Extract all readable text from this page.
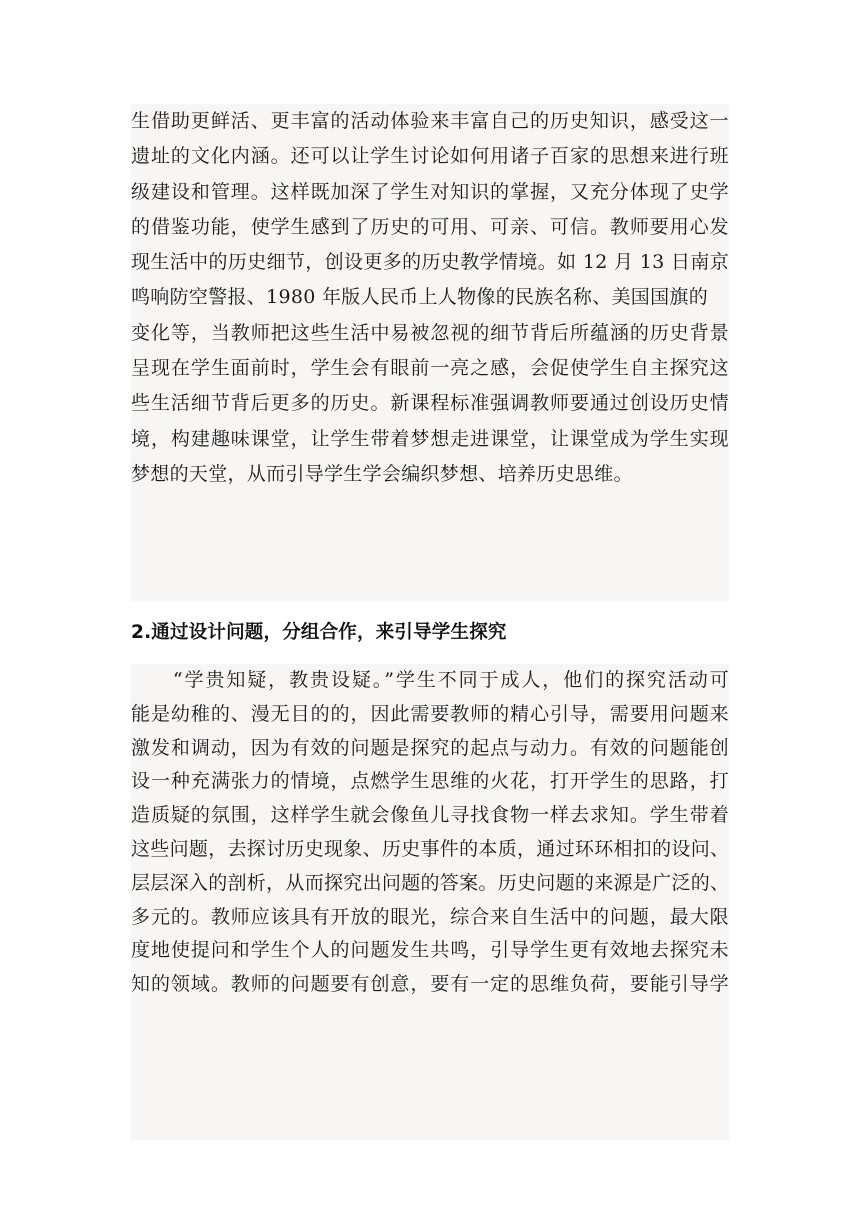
生借助更鲜活、更丰富的活动体验来丰富自己的历史知识，感受这一
遗址的文化内涵。还可以让学生讨论如何用诸子百家的思想来进行班
级建设和管理。这样既加深了学生对知识的掌握，又充分体现了史学
的借鉴功能，使学生感到了历史的可用、可亲、可信。教师要用心发
现生活中的历史细节，创设更多的历史教学情境。如 12 月 13 日南京
鸣响防空警报、1980 年版人民币上人物像的民族名称、美国国旗的
变化等，当教师把这些生活中易被忽视的细节背后所蕴涵的历史背景
呈现在学生面前时，学生会有眼前一亮之感，会促使学生自主探究这
些生活细节背后更多的历史。新课程标准强调教师要通过创设历史情
境，构建趣味课堂，让学生带着梦想走进课堂，让课堂成为学生实现
梦想的天堂，从而引导学生学会编织梦想、培养历史思维。
2.通过设计问题，分组合作，来引导学生探究
　　“学贵知疑，教贵设疑。”学生不同于成人，他们的探究活动可
能是幼稚的、漫无目的的，因此需要教师的精心引导，需要用问题来
激发和调动，因为有效的问题是探究的起点与动力。有效的问题能创
设一种充满张力的情境，点燃学生思维的火花，打开学生的思路，打
造质疑的氛围，这样学生就会像鱼儿寻找食物一样去求知。学生带着
这些问题，去探讨历史现象、历史事件的本质，通过环环相扣的设问、
层层深入的剖析，从而探究出问题的答案。历史问题的来源是广泛的、
多元的。教师应该具有开放的眼光，综合来自生活中的问题，最大限
度地使提问和学生个人的问题发生共鸣，引导学生更有效地去探究未
知的领域。教师的问题要有创意，要有一定的思维负荷，要能引导学
